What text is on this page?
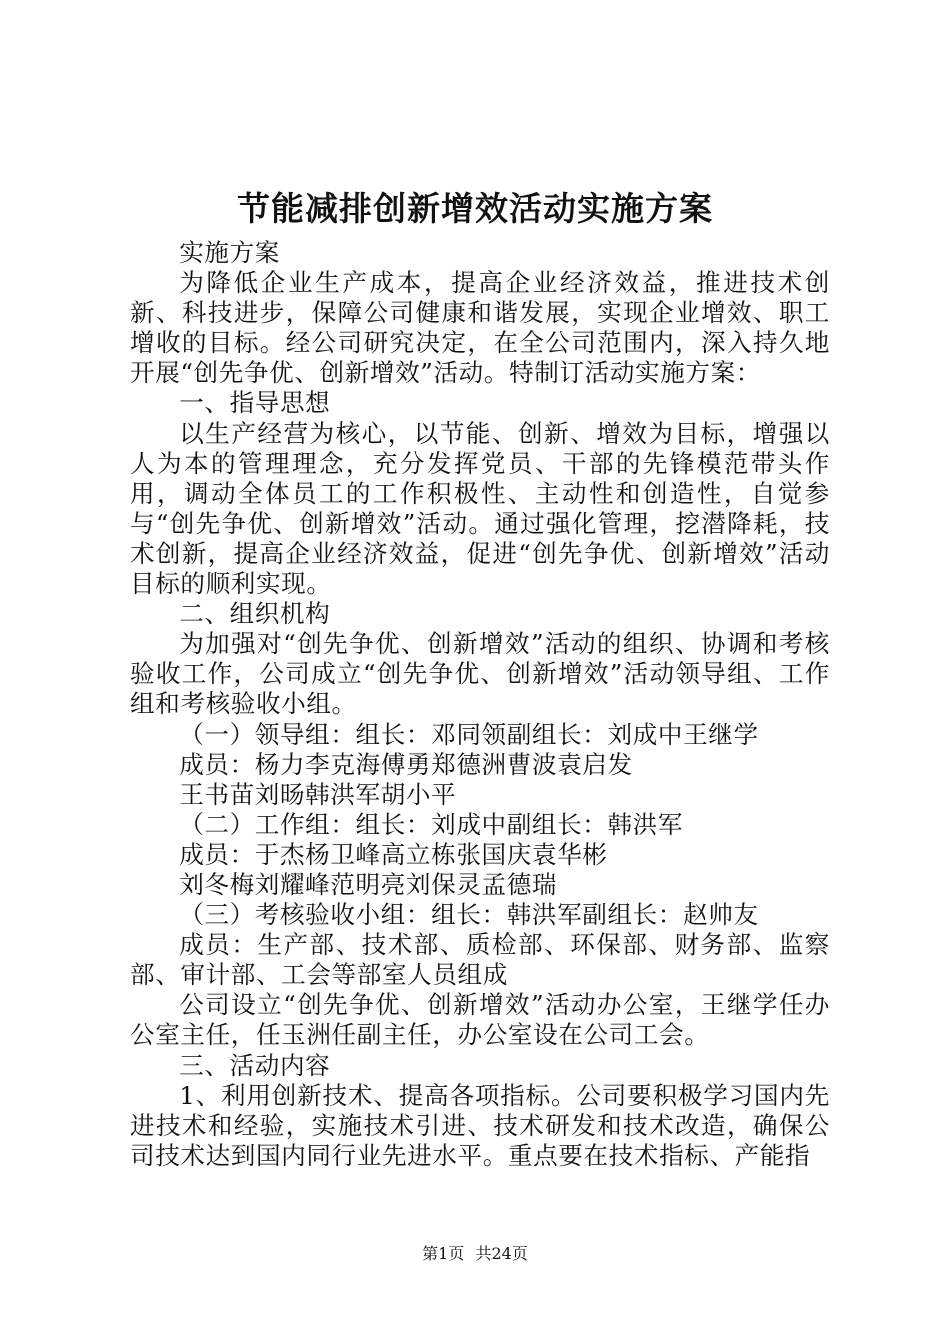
节能减排创新增效活动实施方案

实施方案

为降低企业生产成本，提高企业经济效益，推进技术创新、科技进步，保障公司健康和谐发展，实现企业增效、职工增收的目标。经公司研究决定，在全公司范围内，深入持久地开展“创先争优、创新增效”活动。特制订活动实施方案：

一、指导思想

以生产经营为核心，以节能、创新、增效为目标，增强以人为本的管理理念，充分发挥党员、干部的先锋模范带头作用，调动全体员工的工作积极性、主动性和创造性，自觉参与“创先争优、创新增效”活动。通过强化管理，挖潜降耗，技术创新，提高企业经济效益，促进“创先争优、创新增效”活动目标的顺利实现。

二、组织机构

为加强对“创先争优、创新增效”活动的组织、协调和考核验收工作，公司成立“创先争优、创新增效”活动领导组、工作组和考核验收小组。

（一）领导组：组长：邓同领副组长：刘成中王继学

成员：杨力李克海傅勇郑德洲曹波袁启发

王书苗刘旸韩洪军胡小平

（二）工作组：组长：刘成中副组长：韩洪军

成员：于杰杨卫峰高立栋张国庆袁华彬

刘冬梅刘耀峰范明亮刘保灵孟德瑞

（三）考核验收小组：组长：韩洪军副组长：赵帅友

成员：生产部、技术部、质检部、环保部、财务部、监察部、审计部、工会等部室人员组成

公司设立“创先争优、创新增效”活动办公室，王继学任办公室主任，任玉洲任副主任，办公室设在公司工会。

三、活动内容

1、利用创新技术、提高各项指标。公司要积极学习国内先进技术和经验，实施技术引进、技术研发和技术改造，确保公司技术达到国内同行业先进水平。重点要在技术指标、产能指

第1页 共24页
